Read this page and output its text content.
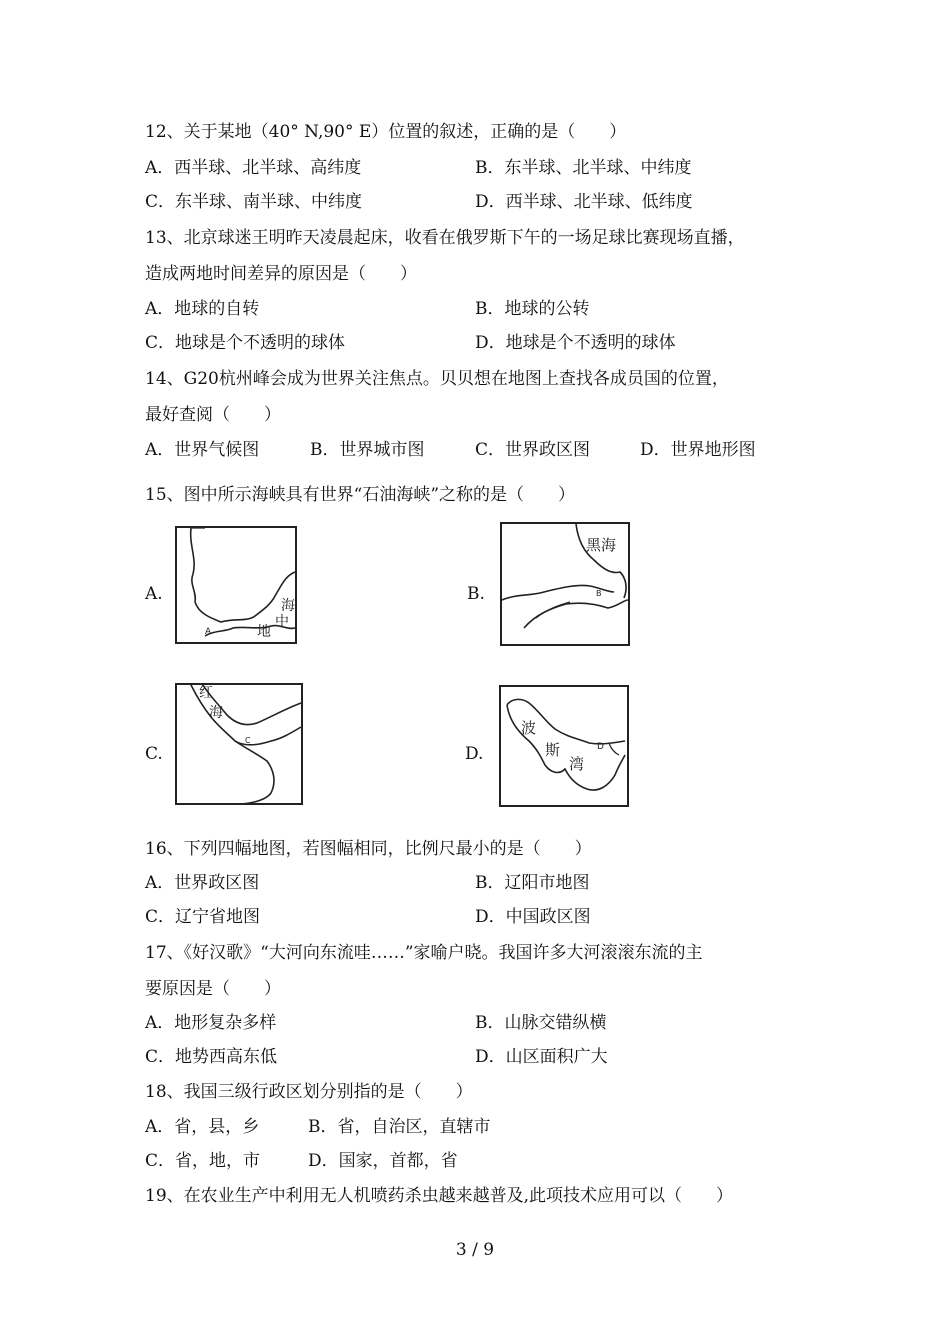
12、关于某地（40° N,90° E）位置的叙述，正确的是（　　）
A．西半球、北半球、高纬度	B．东半球、北半球、中纬度
C．东半球、南半球、中纬度	D．西半球、北半球、低纬度
13、北京球迷王明昨天凌晨起床，收看在俄罗斯下午的一场足球比赛现场直播，
造成两地时间差异的原因是（　　）
A．地球的自转	B．地球的公转
C．地球是个不透明的球体	D．地球是个不透明的球体
14、G20杭州峰会成为世界关注焦点。贝贝想在地图上查找各成员国的位置，
最好查阅（　　）
A．世界气候图	B．世界城市图	C．世界政区图	D．世界地形图
15、图中所示海峡具有世界“石油海峡”之称的是（　　）
A.	B.
C.	D.
A
海
中
地
B
黑海
C
红
海
D
波
斯
湾
16、下列四幅地图，若图幅相同，比例尺最小的是（　　）
A．世界政区图	B．辽阳市地图
C．辽宁省地图	D．中国政区图
17、《好汉歌》“大河向东流哇……”家喻户晓。我国许多大河滚滚东流的主
要原因是（　　）
A．地形复杂多样	B．山脉交错纵横
C．地势西高东低	D．山区面积广大
18、我国三级行政区划分别指的是（　　）
A．省，县，乡	B．省，自治区，直辖市
C．省，地，市	D．国家，首都，省
19、在农业生产中利用无人机喷药杀虫越来越普及,此项技术应用可以（　　）
3 / 9
